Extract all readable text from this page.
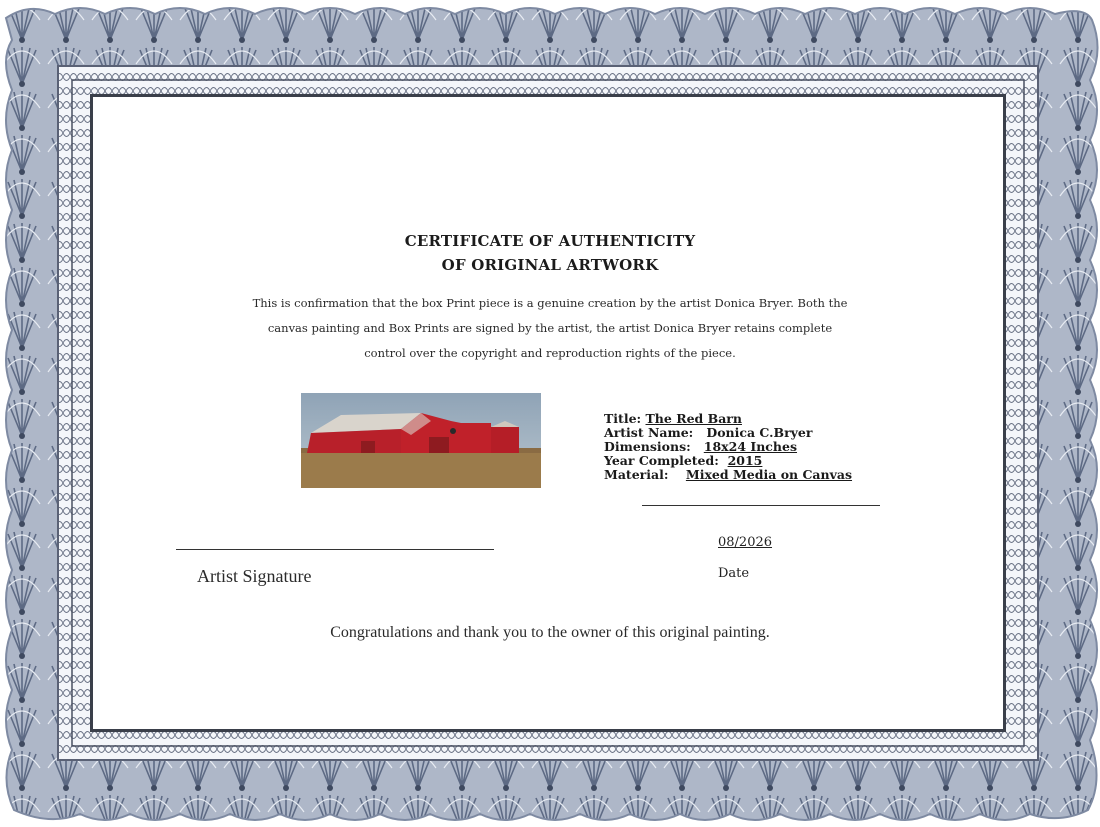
CERTIFICATE OF AUTHENTICITY

OF ORIGINAL ARTWORK

This is confirmation that the box Print piece is a genuine creation by the artist Donica Bryer. Both the

canvas painting and Box Prints are signed by the artist, the artist Donica Bryer retains complete

control over the copyright and reproduction rights of the piece.

Title: The Red Barn
Artist Name: Donica C.Bryer
Dimensions: 18x24 Inches
Year Completed: 2015
Material: Mixed Media on Canvas
08/2026
Date
Artist Signature

Congratulations and thank you to the owner of this original painting.
